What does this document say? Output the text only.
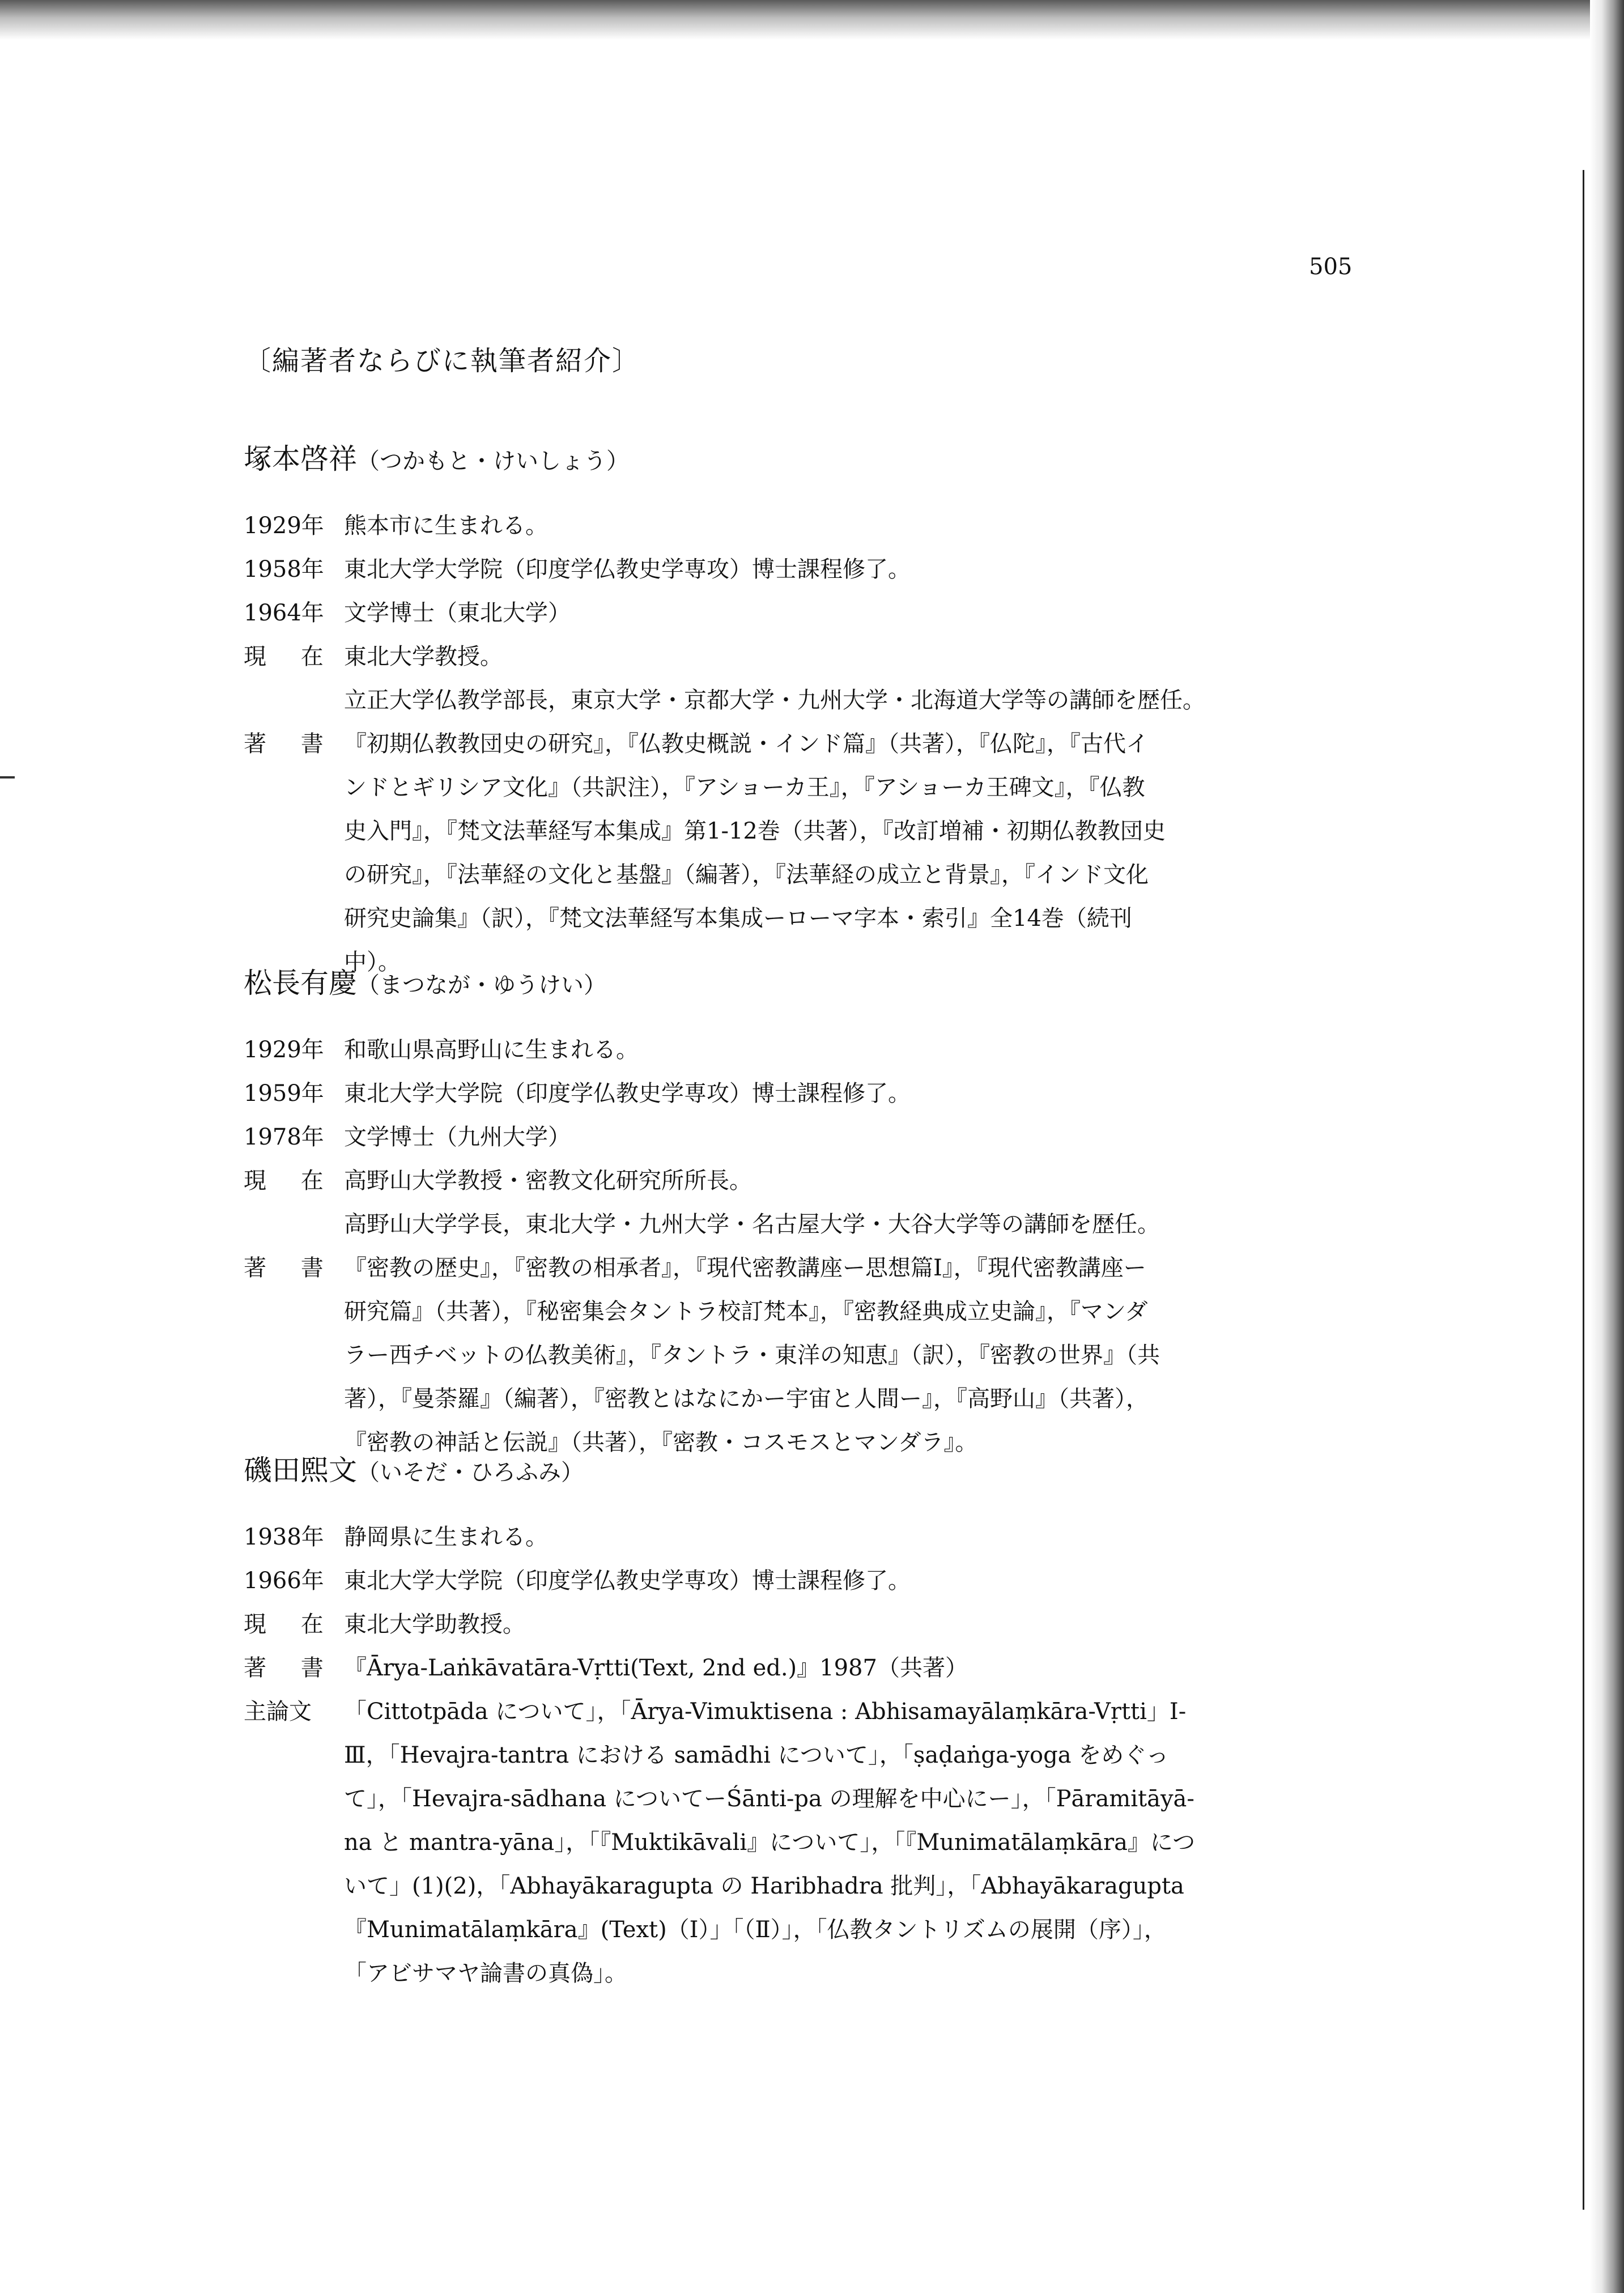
505
〔編著者ならびに執筆者紹介〕
塚本啓祥（つかもと・けいしょう）
1929年 熊本市に生まれる。
1958年 東北大学大学院（印度学仏教史学専攻）博士課程修了。
1964年 文学博士（東北大学）
現 在 東北大学教授。
立正大学仏教学部長，東京大学・京都大学・九州大学・北海道大学等の講師を歴任。
著 書 『初期仏教教団史の研究』，『仏教史概説・インド篇』（共著），『仏陀』，『古代イ
ンドとギリシア文化』（共訳注），『アショーカ王』，『アショーカ王碑文』，『仏教
史入門』，『梵文法華経写本集成』第1-12巻（共著），『改訂増補・初期仏教教団史
の研究』，『法華経の文化と基盤』（編著），『法華経の成立と背景』，『インド文化
研究史論集』（訳），『梵文法華経写本集成ーローマ字本・索引』全14巻（続刊
中）。
松長有慶（まつなが・ゆうけい）
1929年 和歌山県高野山に生まれる。
1959年 東北大学大学院（印度学仏教史学専攻）博士課程修了。
1978年 文学博士（九州大学）
現 在 高野山大学教授・密教文化研究所所長。
高野山大学学長，東北大学・九州大学・名古屋大学・大谷大学等の講師を歴任。
著 書 『密教の歴史』，『密教の相承者』，『現代密教講座ー思想篇Ⅰ』，『現代密教講座ー
研究篇』（共著），『秘密集会タントラ校訂梵本』，『密教経典成立史論』，『マンダ
ラー西チベットの仏教美術』，『タントラ・東洋の知恵』（訳），『密教の世界』（共
著），『曼荼羅』（編著），『密教とはなにかー宇宙と人間ー』，『高野山』（共著），
『密教の神話と伝説』（共著），『密教・コスモスとマンダラ』。
磯田熙文（いそだ・ひろふみ）
1938年 静岡県に生まれる。
1966年 東北大学大学院（印度学仏教史学専攻）博士課程修了。
現 在 東北大学助教授。
著 書 『Ārya-Laṅkāvatāra-Vṛtti(Text, 2nd ed.)』1987（共著）
主論文	「Cittotpāda について」，「Ārya-Vimuktisena : Abhisamayālaṃkāra-Vṛtti」Ⅰ-
Ⅲ，「Hevajra-tantra における samādhi について」，「ṣaḍaṅga-yoga をめぐっ
て」，「Hevajra-sādhana についてーŚānti-pa の理解を中心にー」，「Pāramitāyā-
na と mantra-yāna」，「『Muktikāvali』について」，「『Munimatālaṃkāra』につ
いて」(1)(2)，「Abhayākaragupta の Haribhadra 批判」，「Abhayākaragupta
『Munimatālaṃkāra』(Text)（Ⅰ）」「（Ⅱ）」，「仏教タントリズムの展開（序）」，
「アビサマヤ論書の真偽」。
